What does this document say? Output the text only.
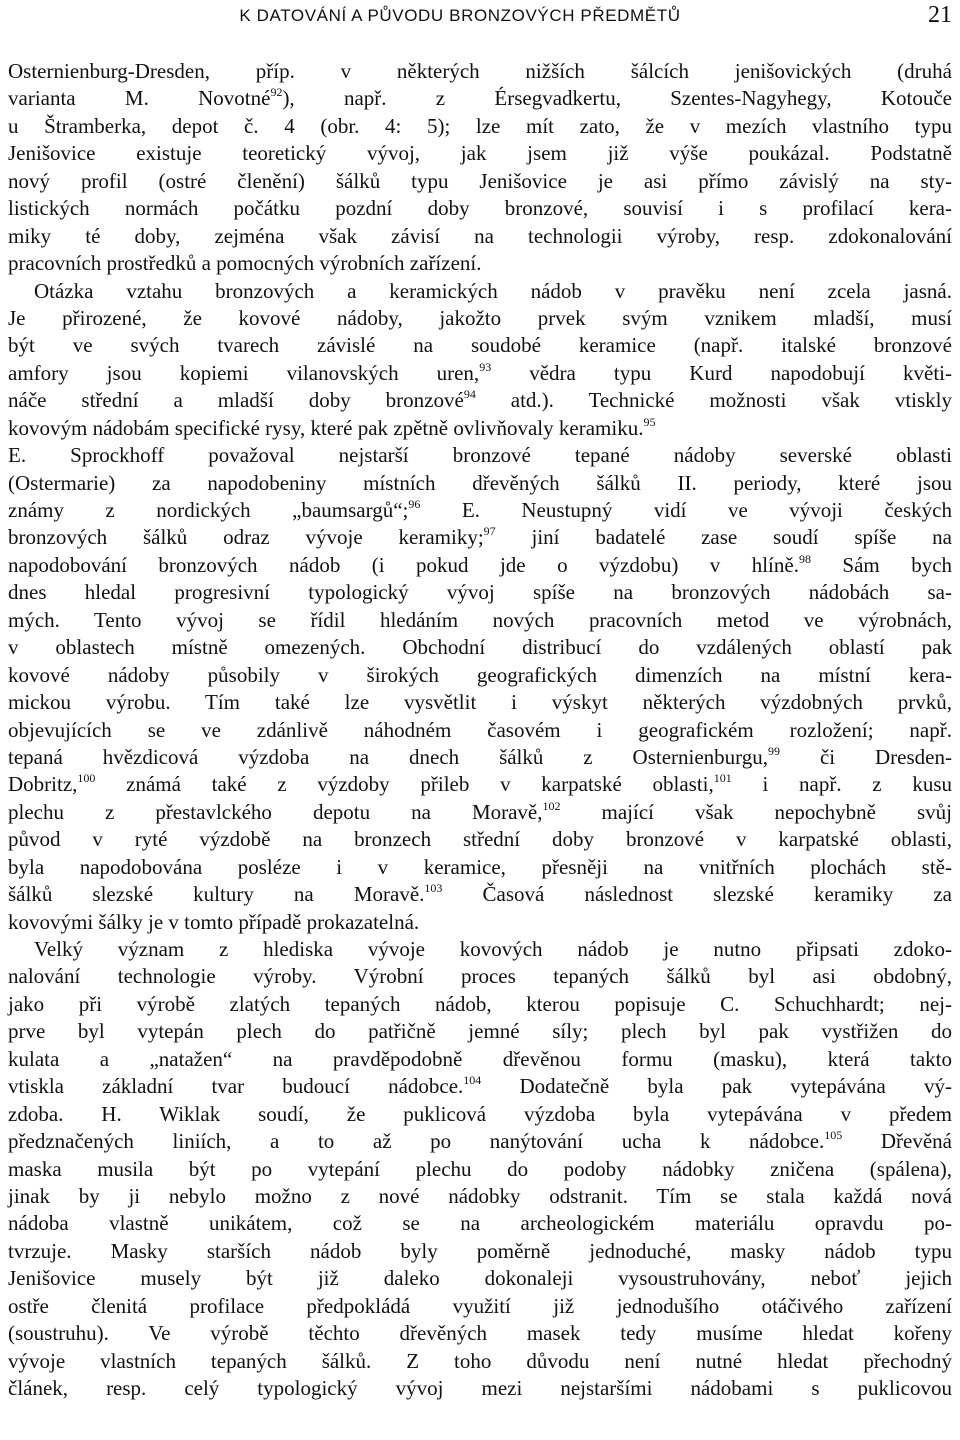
K DATOVÁNÍ A PŮVODU BRONZOVÝCH PŘEDMĚTŮ	21
Osternienburg-Dresden, příp. v některých nižších šálcích jenišovických (druhá
varianta M. Novotné$^{92}$), např. z Érsegvadkertu, Szentes-Nagyhegy, Kotouče
u Štramberka, depot č. 4 (obr. 4: 5); lze mít zato, že v mezích vlastního typu
Jenišovice existuje teoretický vývoj, jak jsem již výše poukázal. Podstatně
nový profil (ostré členění) šálků typu Jenišovice je asi přímo závislý na sty-
listických normách počátku pozdní doby bronzové, souvisí i s profilací kera-
miky té doby, zejména však závisí na technologii výroby, resp. zdokonalování
pracovních prostředků a pomocných výrobních zařízení.
Otázka vztahu bronzových a keramických nádob v pravěku není zcela jasná.
Je přirozené, že kovové nádoby, jakožto prvek svým vznikem mladší, musí
být ve svých tvarech závislé na soudobé keramice (např. italské bronzové
amfory jsou kopiemi vilanovských uren,$^{93}$ vědra typu Kurd napodobují květi-
náče střední a mladší doby bronzové$^{94}$ atd.). Technické možnosti však vtiskly
kovovým nádobám specifické rysy, které pak zpětně ovlivňovaly keramiku.$^{95}$
E. Sprockhoff považoval nejstarší bronzové tepané nádoby severské oblasti
(Ostermarie) za napodobeniny místních dřevěných šálků II. periody, které jsou
známy z nordických „baumsargů“;$^{96}$ E. Neustupný vidí ve vývoji českých
bronzových šálků odraz vývoje keramiky;$^{97}$ jiní badatelé zase soudí spíše na
napodobování bronzových nádob (i pokud jde o výzdobu) v hlíně.$^{98}$ Sám bych
dnes hledal progresivní typologický vývoj spíše na bronzových nádobách sa-
mých. Tento vývoj se řídil hledáním nových pracovních metod ve výrobnách,
v oblastech místně omezených. Obchodní distribucí do vzdálených oblastí pak
kovové nádoby působily v širokých geografických dimenzích na místní kera-
mickou výrobu. Tím také lze vysvětlit i výskyt některých výzdobných prvků,
objevujících se ve zdánlivě náhodném časovém i geografickém rozložení; např.
tepaná hvězdicová výzdoba na dnech šálků z Osternienburgu,$^{99}$ či Dresden-
Dobritz,$^{100}$ známá také z výzdoby přileb v karpatské oblasti,$^{101}$ i např. z kusu
plechu z přestavlckého depotu na Moravě,$^{102}$ mající však nepochybně svůj
původ v ryté výzdobě na bronzech střední doby bronzové v karpatské oblasti,
byla napodobována posléze i v keramice, přesněji na vnitřních plochách stě-
šálků slezské kultury na Moravě.$^{103}$ Časová následnost slezské keramiky za
kovovými šálky je v tomto případě prokazatelná.
Velký význam z hlediska vývoje kovových nádob je nutno připsati zdoko-
nalování technologie výroby. Výrobní proces tepaných šálků byl asi obdobný,
jako při výrobě zlatých tepaných nádob, kterou popisuje C. Schuchhardt; nej-
prve byl vytepán plech do patřičně jemné síly; plech byl pak vystřižen do
kulata a „natažen“ na pravděpodobně dřevěnou formu (masku), která takto
vtiskla základní tvar budoucí nádobce.$^{104}$ Dodatečně byla pak vytepávána vý-
zdoba. H. Wiklak soudí, že puklicová výzdoba byla vytepávána v předem
předznačených liniích, a to až po nanýtování ucha k nádobce.$^{105}$ Dřevěná
maska musila být po vytepání plechu do podoby nádobky zničena (spálena),
jinak by ji nebylo možno z nové nádobky odstranit. Tím se stala každá nová
nádoba vlastně unikátem, což se na archeologickém materiálu opravdu po-
tvrzuje. Masky starších nádob byly poměrně jednoduché, masky nádob typu
Jenišovice musely být již daleko dokonaleji vysoustruhovány, neboť jejich
ostře členitá profilace předpokládá využití již jednodušího otáčivého zařízení
(soustruhu). Ve výrobě těchto dřevěných masek tedy musíme hledat kořeny
vývoje vlastních tepaných šálků. Z toho důvodu není nutné hledat přechodný
článek, resp. celý typologický vývoj mezi nejstaršími nádobami s puklicovou
